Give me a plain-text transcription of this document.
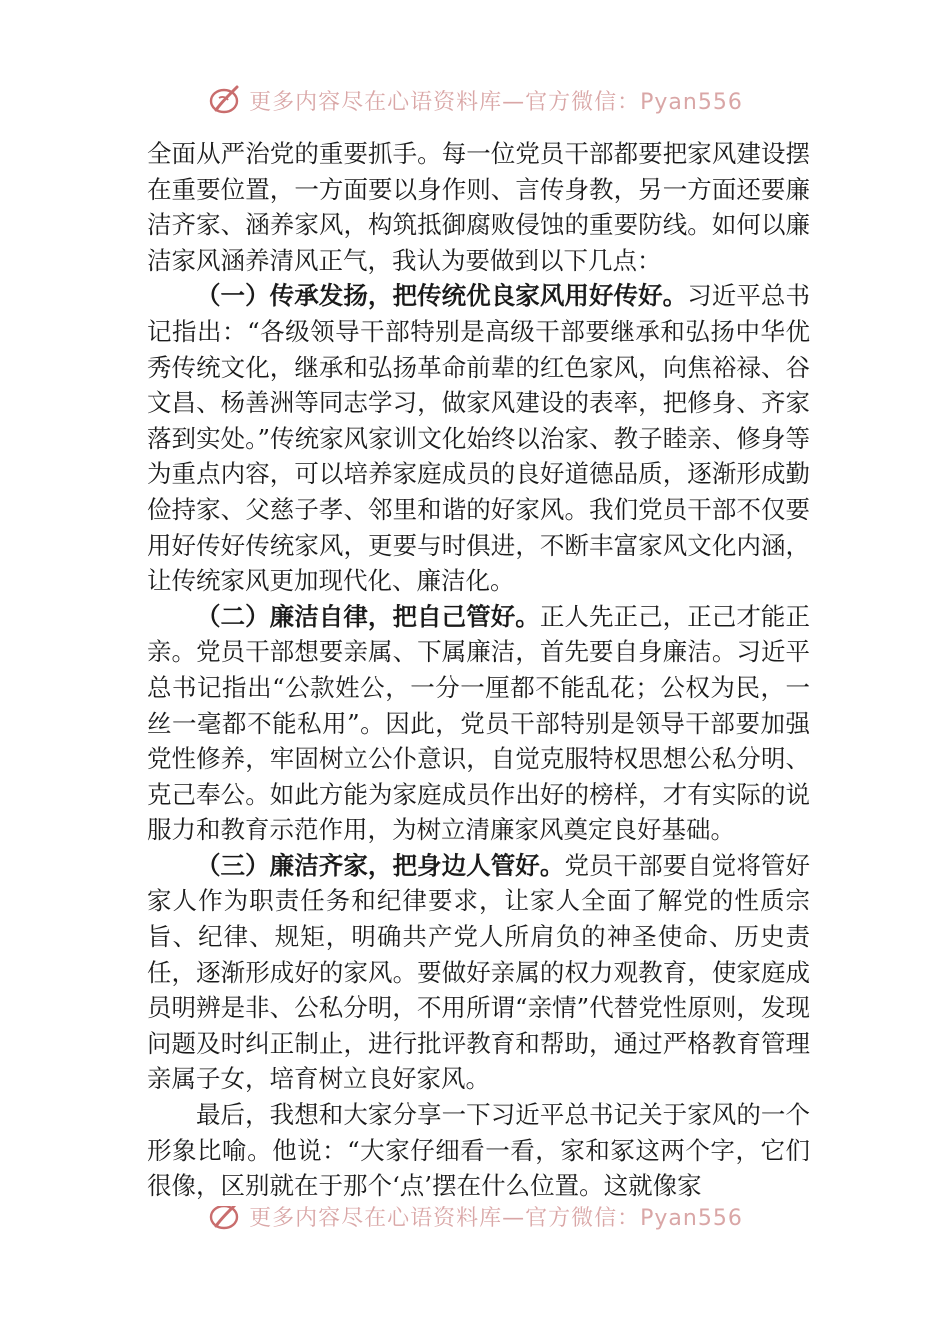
更多内容尽在心语资料库—官方微信：Pyan556

全面从严治党的重要抓手。每一位党员干部都要把家风建设摆在重要位置，一方面要以身作则、言传身教，另一方面还要廉洁齐家、涵养家风，构筑抵御腐败侵蚀的重要防线。如何以廉洁家风涵养清风正气，我认为要做到以下几点：

（一）传承发扬，把传统优良家风用好传好。习近平总书记指出：“各级领导干部特别是高级干部要继承和弘扬中华优秀传统文化，继承和弘扬革命前辈的红色家风，向焦裕禄、谷文昌、杨善洲等同志学习，做家风建设的表率，把修身、齐家落到实处。”传统家风家训文化始终以治家、教子睦亲、修身等为重点内容，可以培养家庭成员的良好道德品质，逐渐形成勤俭持家、父慈子孝、邻里和谐的好家风。我们党员干部不仅要用好传好传统家风，更要与时俱进，不断丰富家风文化内涵，让传统家风更加现代化、廉洁化。

（二）廉洁自律，把自己管好。正人先正己，正己才能正亲。党员干部想要亲属、下属廉洁，首先要自身廉洁。习近平总书记指出“公款姓公，一分一厘都不能乱花；公权为民，一丝一毫都不能私用”。因此，党员干部特别是领导干部要加强党性修养，牢固树立公仆意识，自觉克服特权思想公私分明、克己奉公。如此方能为家庭成员作出好的榜样，才有实际的说服力和教育示范作用，为树立清廉家风奠定良好基础。

（三）廉洁齐家，把身边人管好。党员干部要自觉将管好家人作为职责任务和纪律要求，让家人全面了解党的性质宗旨、纪律、规矩，明确共产党人所肩负的神圣使命、历史责任，逐渐形成好的家风。要做好亲属的权力观教育，使家庭成员明辨是非、公私分明，不用所谓“亲情”代替党性原则，发现问题及时纠正制止，进行批评教育和帮助，通过严格教育管理亲属子女，培育树立良好家风。

最后，我想和大家分享一下习近平总书记关于家风的一个形象比喻。他说：“大家仔细看一看，家和冢这两个字，它们很像，区别就在于那个‘点’摆在什么位置。这就像家

更多内容尽在心语资料库—官方微信：Pyan556
